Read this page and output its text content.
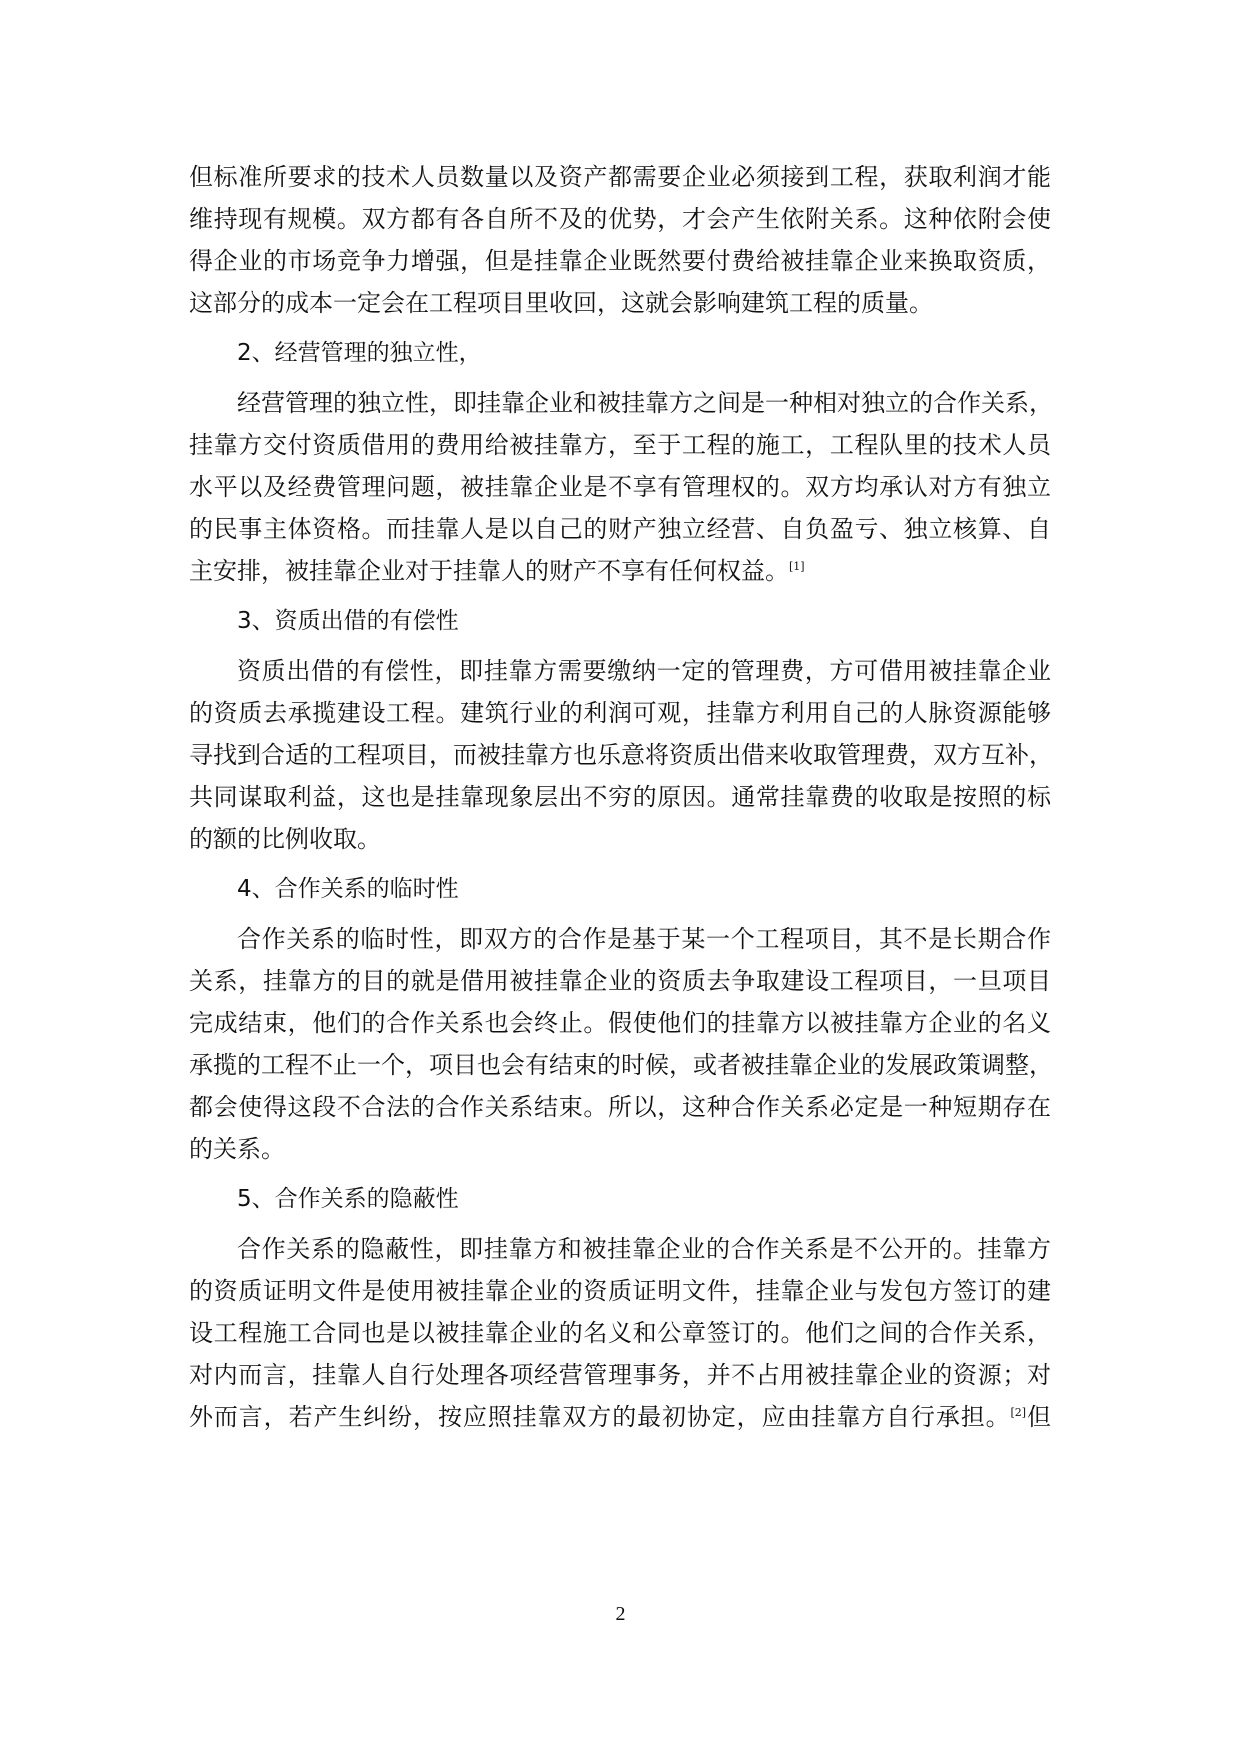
但标准所要求的技术人员数量以及资产都需要企业必须接到工程，获取利润才能
维持现有规模。双方都有各自所不及的优势，才会产生依附关系。这种依附会使
得企业的市场竞争力增强，但是挂靠企业既然要付费给被挂靠企业来换取资质，
这部分的成本一定会在工程项目里收回，这就会影响建筑工程的质量。
2、经营管理的独立性，
经营管理的独立性，即挂靠企业和被挂靠方之间是一种相对独立的合作关系，
挂靠方交付资质借用的费用给被挂靠方，至于工程的施工，工程队里的技术人员
水平以及经费管理问题，被挂靠企业是不享有管理权的。双方均承认对方有独立
的民事主体资格。而挂靠人是以自己的财产独立经营、自负盈亏、独立核算、自
主安排，被挂靠企业对于挂靠人的财产不享有任何权益。[1]
3、资质出借的有偿性
资质出借的有偿性，即挂靠方需要缴纳一定的管理费，方可借用被挂靠企业
的资质去承揽建设工程。建筑行业的利润可观，挂靠方利用自己的人脉资源能够
寻找到合适的工程项目，而被挂靠方也乐意将资质出借来收取管理费，双方互补，
共同谋取利益，这也是挂靠现象层出不穷的原因。通常挂靠费的收取是按照的标
的额的比例收取。
4、合作关系的临时性
合作关系的临时性，即双方的合作是基于某一个工程项目，其不是长期合作
关系，挂靠方的目的就是借用被挂靠企业的资质去争取建设工程项目，一旦项目
完成结束，他们的合作关系也会终止。假使他们的挂靠方以被挂靠方企业的名义
承揽的工程不止一个，项目也会有结束的时候，或者被挂靠企业的发展政策调整，
都会使得这段不合法的合作关系结束。所以，这种合作关系必定是一种短期存在
的关系。
5、合作关系的隐蔽性
合作关系的隐蔽性，即挂靠方和被挂靠企业的合作关系是不公开的。挂靠方
的资质证明文件是使用被挂靠企业的资质证明文件，挂靠企业与发包方签订的建
设工程施工合同也是以被挂靠企业的名义和公章签订的。他们之间的合作关系，
对内而言，挂靠人自行处理各项经营管理事务，并不占用被挂靠企业的资源；对
外而言，若产生纠纷，按应照挂靠双方的最初协定，应由挂靠方自行承担。[2]但
2
